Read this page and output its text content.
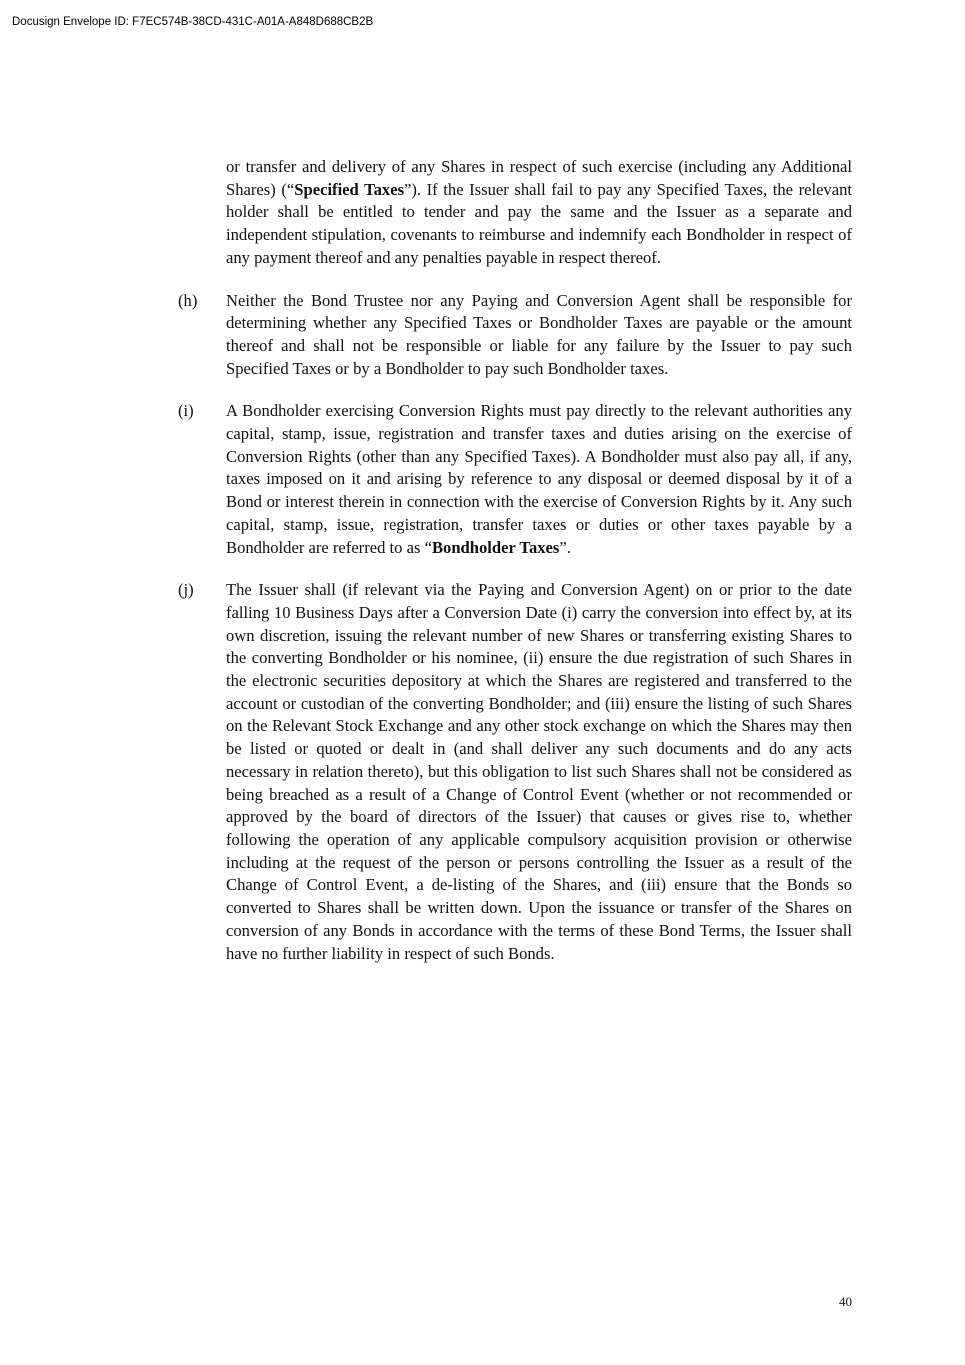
Docusign Envelope ID: F7EC574B-38CD-431C-A01A-A848D688CB2B
or transfer and delivery of any Shares in respect of such exercise (including any Additional Shares) (“Specified Taxes”). If the Issuer shall fail to pay any Specified Taxes, the relevant holder shall be entitled to tender and pay the same and the Issuer as a separate and independent stipulation, covenants to reimburse and indemnify each Bondholder in respect of any payment thereof and any penalties payable in respect thereof.
(h)	Neither the Bond Trustee nor any Paying and Conversion Agent shall be responsible for determining whether any Specified Taxes or Bondholder Taxes are payable or the amount thereof and shall not be responsible or liable for any failure by the Issuer to pay such Specified Taxes or by a Bondholder to pay such Bondholder taxes.
(i)	A Bondholder exercising Conversion Rights must pay directly to the relevant authorities any capital, stamp, issue, registration and transfer taxes and duties arising on the exercise of Conversion Rights (other than any Specified Taxes). A Bondholder must also pay all, if any, taxes imposed on it and arising by reference to any disposal or deemed disposal by it of a Bond or interest therein in connection with the exercise of Conversion Rights by it. Any such capital, stamp, issue, registration, transfer taxes or duties or other taxes payable by a Bondholder are referred to as “Bondholder Taxes”.
(j)	The Issuer shall (if relevant via the Paying and Conversion Agent) on or prior to the date falling 10 Business Days after a Conversion Date (i) carry the conversion into effect by, at its own discretion, issuing the relevant number of new Shares or transferring existing Shares to the converting Bondholder or his nominee, (ii) ensure the due registration of such Shares in the electronic securities depository at which the Shares are registered and transferred to the account or custodian of the converting Bondholder; and (iii) ensure the listing of such Shares on the Relevant Stock Exchange and any other stock exchange on which the Shares may then be listed or quoted or dealt in (and shall deliver any such documents and do any acts necessary in relation thereto), but this obligation to list such Shares shall not be considered as being breached as a result of a Change of Control Event (whether or not recommended or approved by the board of directors of the Issuer) that causes or gives rise to, whether following the operation of any applicable compulsory acquisition provision or otherwise including at the request of the person or persons controlling the Issuer as a result of the Change of Control Event, a de-listing of the Shares, and (iii) ensure that the Bonds so converted to Shares shall be written down. Upon the issuance or transfer of the Shares on conversion of any Bonds in accordance with the terms of these Bond Terms, the Issuer shall have no further liability in respect of such Bonds.
40
